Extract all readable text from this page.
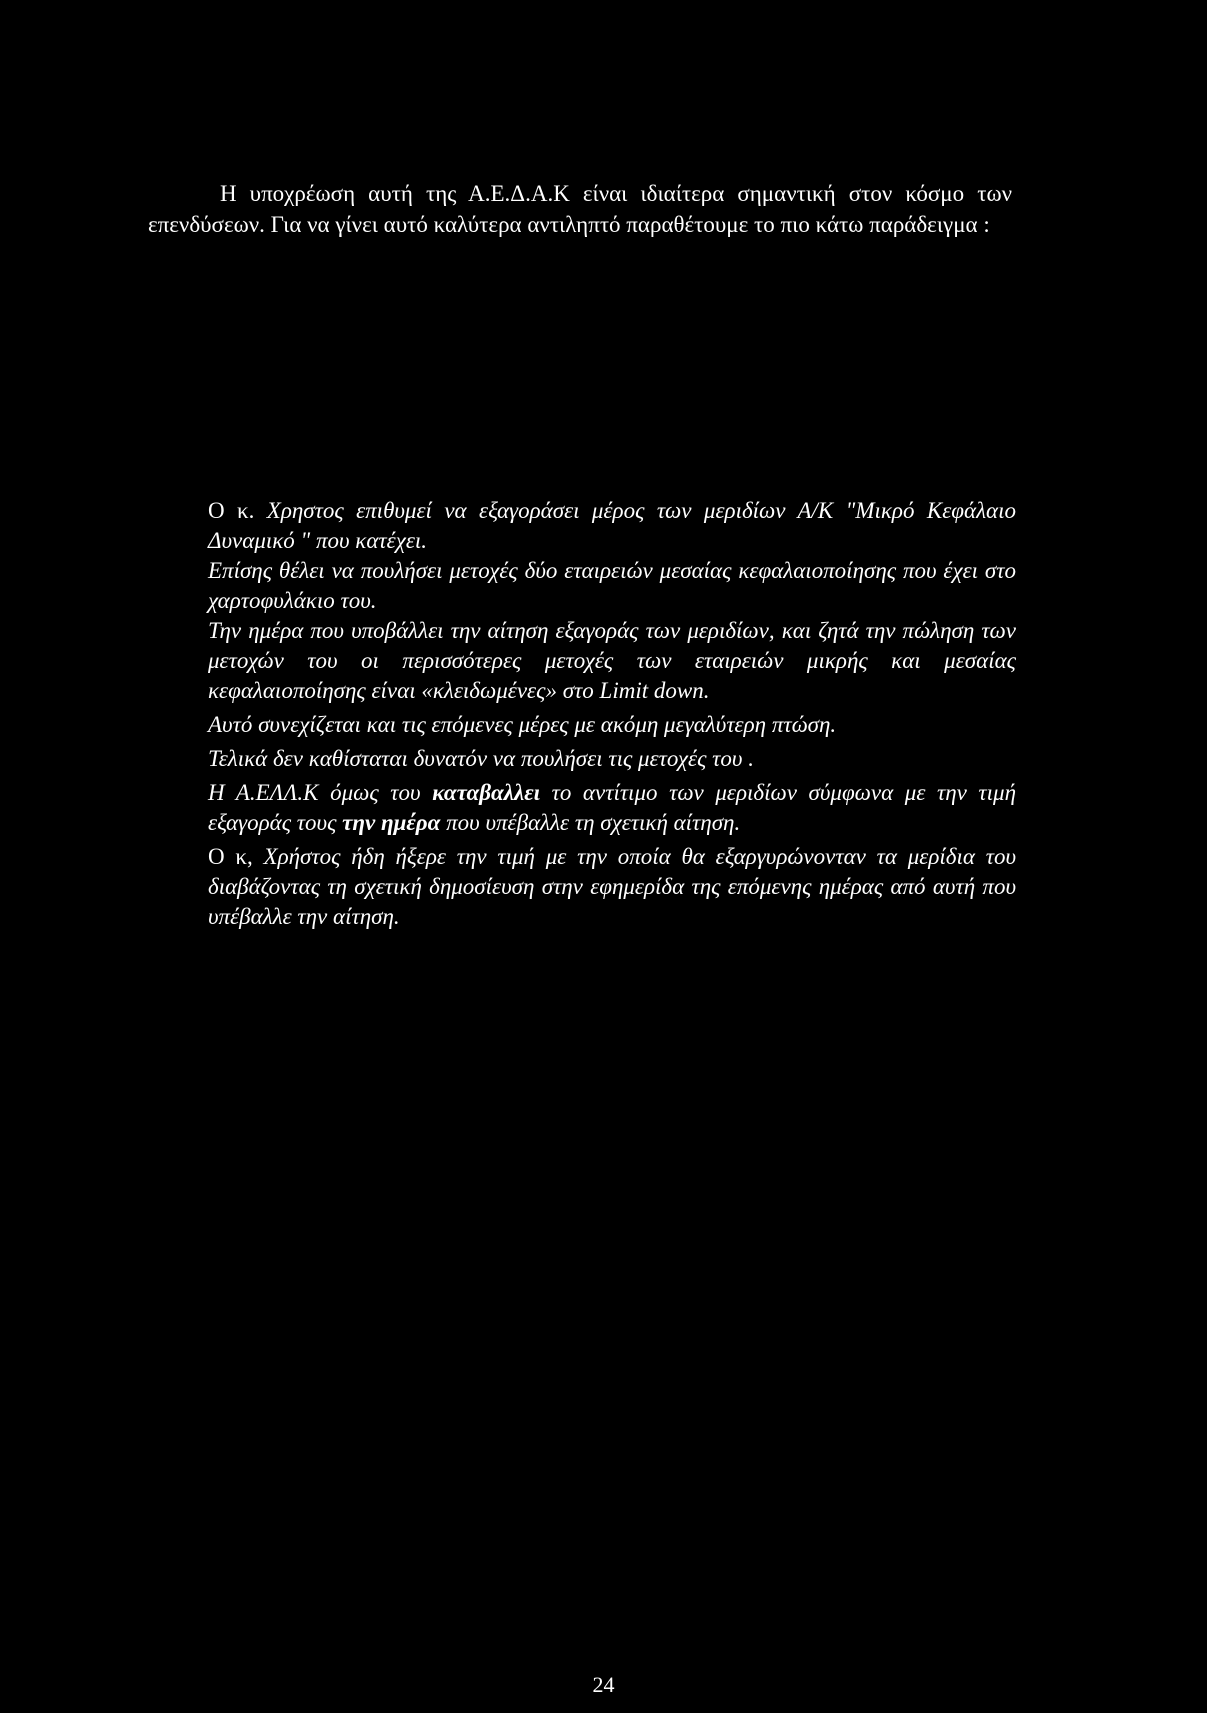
Η υποχρέωση αυτή της Α.Ε.Δ.Α.Κ είναι ιδιαίτερα σημαντική στον κόσμο των επενδύσεων. Για να γίνει αυτό καλύτερα αντιληπτό παραθέτουμε το πιο κάτω παράδειγμα :

Ο κ. Χρηστος επιθυμεί να εξαγοράσει μέρος των μεριδίων Α/Κ "Μικρό Κεφάλαιο Δυναμικό " που κατέχει.

Επίσης θέλει να πουλήσει μετοχές δύο εταιρειών μεσαίας κεφαλαιοποίησης που έχει στο χαρτοφυλάκιο του.

Την ημέρα που υποβάλλει την αίτηση εξαγοράς των μεριδίων, και ζητά την πώληση των μετοχών του οι περισσότερες μετοχές των εταιρειών μικρής και μεσαίας κεφαλαιοποίησης είναι «κλειδωμένες» στο Limit down.

Αυτό συνεχίζεται και τις επόμενες μέρες με ακόμη μεγαλύτερη πτώση.

Τελικά δεν καθίσταται δυνατόν να πουλήσει τις μετοχές του .

Η Α.ΕΛΛ.Κ όμως του καταβαλλει το αντίτιμο των μεριδίων σύμφωνα με την τιμή εξαγοράς τους την ημέρα που υπέβαλλε τη σχετική αίτηση.

Ο κ, Χρήστος ήδη ήξερε την τιμή με την οποία θα εξαργυρώνονταν τα μερίδια του διαβάζοντας τη σχετική δημοσίευση στην εφημερίδα της επόμενης ημέρας από αυτή που υπέβαλλε την αίτηση.

24
